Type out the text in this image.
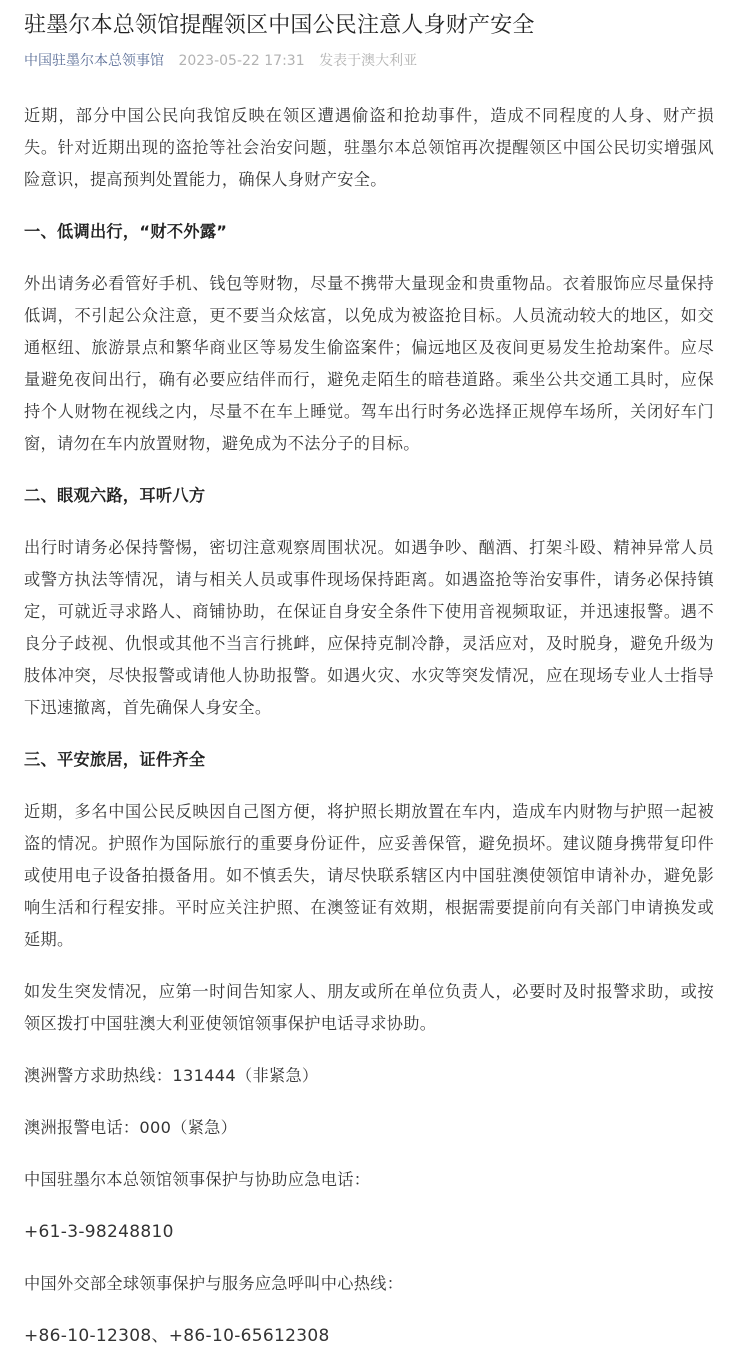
驻墨尔本总领馆提醒领区中国公民注意人身财产安全
中国驻墨尔本总领事馆 2023-05-22 17:31 发表于澳大利亚

近期，部分中国公民向我馆反映在领区遭遇偷盗和抢劫事件，造成不同程度的人身、财产损失。针对近期出现的盗抢等社会治安问题，驻墨尔本总领馆再次提醒领区中国公民切实增强风险意识，提高预判处置能力，确保人身财产安全。

一、低调出行，“财不外露”

外出请务必看管好手机、钱包等财物，尽量不携带大量现金和贵重物品。衣着服饰应尽量保持低调，不引起公众注意，更不要当众炫富，以免成为被盗抢目标。人员流动较大的地区，如交通枢纽、旅游景点和繁华商业区等易发生偷盗案件；偏远地区及夜间更易发生抢劫案件。应尽量避免夜间出行，确有必要应结伴而行，避免走陌生的暗巷道路。乘坐公共交通工具时，应保持个人财物在视线之内，尽量不在车上睡觉。驾车出行时务必选择正规停车场所，关闭好车门窗，请勿在车内放置财物，避免成为不法分子的目标。

二、眼观六路，耳听八方

出行时请务必保持警惕，密切注意观察周围状况。如遇争吵、酗酒、打架斗殴、精神异常人员或警方执法等情况，请与相关人员或事件现场保持距离。如遇盗抢等治安事件，请务必保持镇定，可就近寻求路人、商铺协助，在保证自身安全条件下使用音视频取证，并迅速报警。遇不良分子歧视、仇恨或其他不当言行挑衅，应保持克制冷静，灵活应对，及时脱身，避免升级为肢体冲突，尽快报警或请他人协助报警。如遇火灾、水灾等突发情况，应在现场专业人士指导下迅速撤离，首先确保人身安全。

三、平安旅居，证件齐全

近期，多名中国公民反映因自己图方便，将护照长期放置在车内，造成车内财物与护照一起被盗的情况。护照作为国际旅行的重要身份证件，应妥善保管，避免损坏。建议随身携带复印件或使用电子设备拍摄备用。如不慎丢失，请尽快联系辖区内中国驻澳使领馆申请补办，避免影响生活和行程安排。平时应关注护照、在澳签证有效期，根据需要提前向有关部门申请换发或延期。

如发生突发情况，应第一时间告知家人、朋友或所在单位负责人，必要时及时报警求助，或按领区拨打中国驻澳大利亚使领馆领事保护电话寻求协助。

澳洲警方求助热线：131444（非紧急）

澳洲报警电话：000（紧急）

中国驻墨尔本总领馆领事保护与协助应急电话：

+61-3-98248810

中国外交部全球领事保护与服务应急呼叫中心热线：

+86-10-12308、+86-10-65612308
